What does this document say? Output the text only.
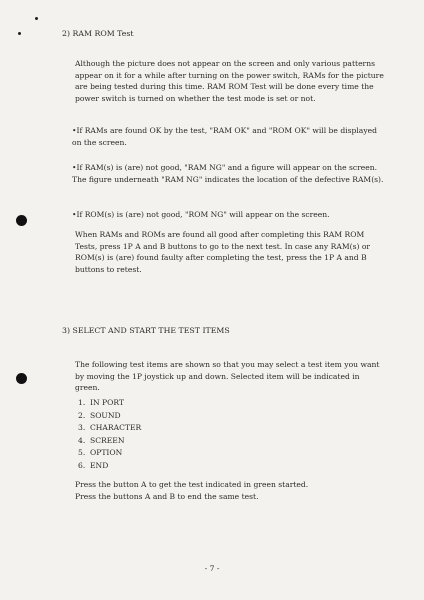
2) RAM ROM Test

Although the picture does not appear on the screen and only various patterns appear on it for a while after turning on the power switch, RAMs for the picture are being tested during this time. RAM ROM Test will be done every time the power switch is turned on whether the test mode is set or not.

•If RAMs are found OK by the test, "RAM OK" and "ROM OK" will be displayed on the screen.

•If RAM(s) is (are) not good, "RAM NG" and a figure will appear on the screen. The figure underneath "RAM NG" indicates the location of the defective RAM(s).

•If ROM(s) is (are) not good, "ROM NG" will appear on the screen.

When RAMs and ROMs are found all good after completing this RAM ROM Tests, press 1P A and B buttons to go to the next test. In case any RAM(s) or ROM(s) is (are) found faulty after completing the test, press the 1P A and B buttons to retest.

3) SELECT AND START THE TEST ITEMS

The following test items are shown so that you may select a test item you want by moving the 1P joystick up and down. Selected item will be indicated in green.

1. IN PORT
2. SOUND
3. CHARACTER
4. SCREEN
5. OPTION
6. END

Press the button A to get the test indicated in green started.

Press the buttons A and B to end the same test.

- 7 -
